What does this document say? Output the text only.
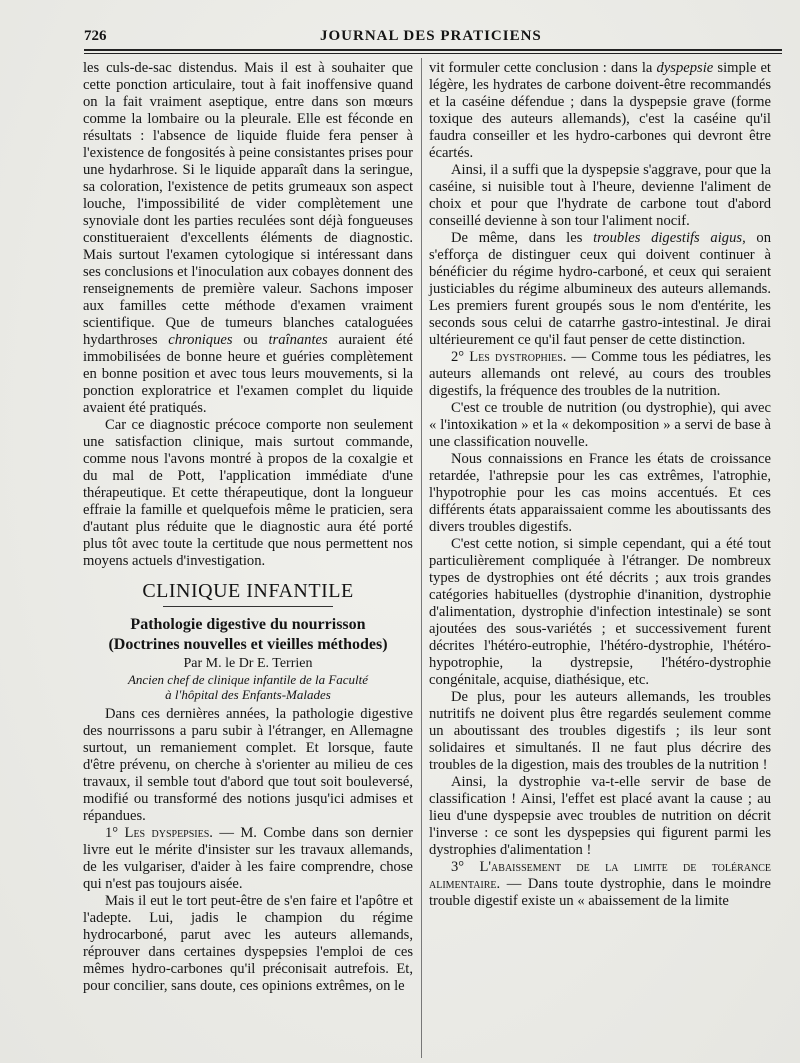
726	JOURNAL DES PRATICIENS

les culs-de-sac distendus. Mais il est à souhaiter que cette ponction articulaire, tout à fait inoffensive quand on la fait vraiment aseptique, entre dans son mœurs comme la lombaire ou la pleurale. Elle est féconde en résultats : l'absence de liquide fluide fera penser à l'existence de fongosités à peine consistantes prises pour une hydarhrose. Si le liquide apparaît dans la seringue, sa coloration, l'existence de petits grumeaux son aspect louche, l'impossibilité de vider complètement une synoviale dont les parties reculées sont déjà fongueuses constitueraient d'excellents éléments de diagnostic. Mais surtout l'examen cytologique si intéressant dans ses conclusions et l'inoculation aux cobayes donnent des renseignements de première valeur. Sachons imposer aux familles cette méthode d'examen vraiment scientifique. Que de tumeurs blanches cataloguées hydarthroses chroniques ou traînantes auraient été immobilisées de bonne heure et guéries complètement en bonne position et avec tous leurs mouvements, si la ponction exploratrice et l'examen complet du liquide avaient été pratiqués.

Car ce diagnostic précoce comporte non seulement une satisfaction clinique, mais surtout commande, comme nous l'avons montré à propos de la coxalgie et du mal de Pott, l'application immédiate d'une thérapeutique. Et cette thérapeutique, dont la longueur effraie la famille et quelquefois même le praticien, sera d'autant plus réduite que le diagnostic aura été porté plus tôt avec toute la certitude que nous permettent nos moyens actuels d'investigation.

CLINIQUE INFANTILE
Pathologie digestive du nourrisson
(Doctrines nouvelles et vieilles méthodes)
Par M. le Dr E. Terrien
Ancien chef de clinique infantile de la Faculté
à l'hôpital des Enfants-Malades

Dans ces dernières années, la pathologie digestive des nourrissons a paru subir à l'étranger, en Allemagne surtout, un remaniement complet. Et lorsque, faute d'être prévenu, on cherche à s'orienter au milieu de ces travaux, il semble tout d'abord que tout soit bouleversé, modifié ou transformé des notions jusqu'ici admises et répandues.

1° Les dyspepsies. — M. Combe dans son dernier livre eut le mérite d'insister sur les travaux allemands, de les vulgariser, d'aider à les faire comprendre, chose qui n'est pas toujours aisée.

Mais il eut le tort peut-être de s'en faire et l'apôtre et l'adepte. Lui, jadis le champion du régime hydrocarboné, parut avec les auteurs allemands, réprouver dans certaines dyspepsies l'emploi de ces mêmes hydro-carbones qu'il préconisait autrefois. Et, pour concilier, sans doute, ces opinions extrêmes, on le

vit formuler cette conclusion : dans la dyspepsie simple et légère, les hydrates de carbone doivent-être recommandés et la caséine défendue ; dans la dyspepsie grave (forme toxique des auteurs allemands), c'est la caséine qu'il faudra conseiller et les hydro-carbones qui devront être écartés.

Ainsi, il a suffi que la dyspepsie s'aggrave, pour que la caséine, si nuisible tout à l'heure, devienne l'aliment de choix et pour que l'hydrate de carbone tout d'abord conseillé devienne à son tour l'aliment nocif.

De même, dans les troubles digestifs aigus, on s'efforça de distinguer ceux qui doivent continuer à bénéficier du régime hydro-carboné, et ceux qui seraient justiciables du régime albumineux des auteurs allemands. Les premiers furent groupés sous le nom d'entérite, les seconds sous celui de catarrhe gastro-intestinal. Je dirai ultérieurement ce qu'il faut penser de cette distinction.

2° Les dystrophies. — Comme tous les pédiatres, les auteurs allemands ont relevé, au cours des troubles digestifs, la fréquence des troubles de la nutrition.

C'est ce trouble de nutrition (ou dystrophie), qui avec « l'intoxikation » et la « dekomposition » a servi de base à une classification nouvelle.

Nous connaissions en France les états de croissance retardée, l'athrepsie pour les cas extrêmes, l'atrophie, l'hypotrophie pour les cas moins accentués. Et ces différents états apparaissaient comme les aboutissants des divers troubles digestifs.

C'est cette notion, si simple cependant, qui a été tout particulièrement compliquée à l'étranger. De nombreux types de dystrophies ont été décrits ; aux trois grandes catégories habituelles (dystrophie d'inanition, dystrophie d'alimentation, dystrophie d'infection intestinale) se sont ajoutées des sous-variétés ; et successivement furent décrites l'hétéro-eutrophie, l'hétéro-dystrophie, l'hétéro-hypotrophie, la dystrepsie, l'hétéro-dystrophie congénitale, acquise, diathésique, etc.

De plus, pour les auteurs allemands, les troubles nutritifs ne doivent plus être regardés seulement comme un aboutissant des troubles digestifs ; ils leur sont solidaires et simultanés. Il ne faut plus décrire des troubles de la digestion, mais des troubles de la nutrition !

Ainsi, la dystrophie va-t-elle servir de base de classification ! Ainsi, l'effet est placé avant la cause ; au lieu d'une dyspepsie avec troubles de nutrition on décrit l'inverse : ce sont les dyspepsies qui figurent parmi les dystrophies d'alimentation !

3° L'abaissement de la limite de tolérance alimentaire. — Dans toute dystrophie, dans le moindre trouble digestif existe un « abaissement de la limite
